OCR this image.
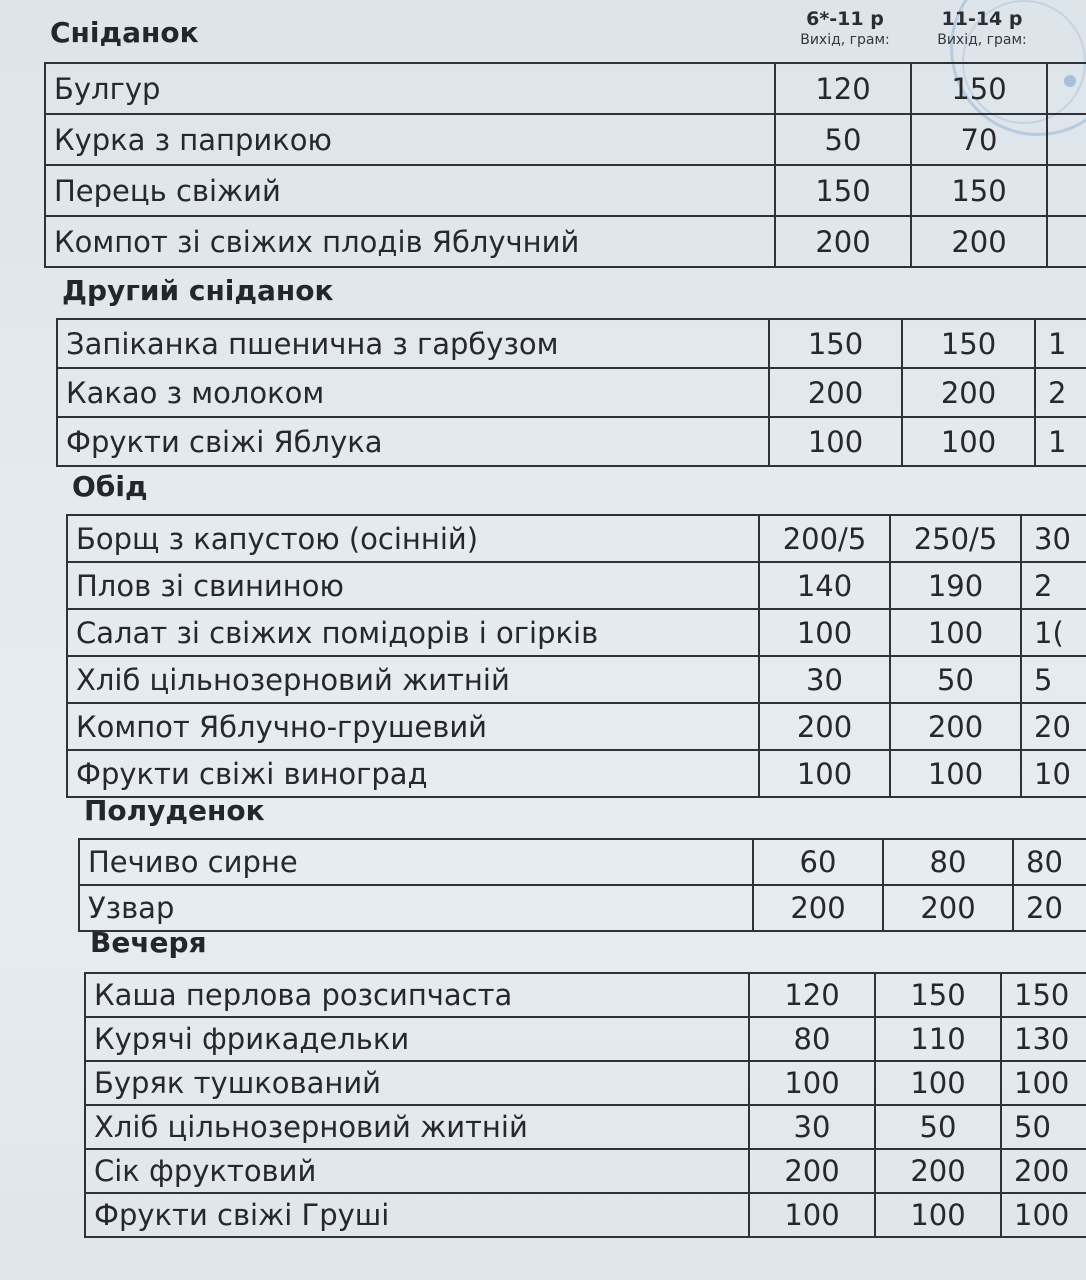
6*-11 р
Вихід, грам:
11-14 р
Вихід, грам:
Сніданок
Булгур	120	150	
Курка з паприкою	50	70	
Перець свіжий	150	150	
Компот зі свіжих плодів Яблучний	200	200	
Другий сніданок
Запіканка пшенична з гарбузом	150	150	1
Какао з молоком	200	200	2
Фрукти свіжі Яблука	100	100	1
Обід
Борщ з капустою (осінній)	200/5	250/5	30
Плов зі свининою	140	190	2
Салат зі свіжих помідорів і огірків	100	100	1(
Хліб цільнозерновий житній	30	50	5
Компот Яблучно-грушевий	200	200	20
Фрукти свіжі виноград	100	100	10
Полуденок
Печиво сирне	60	80	80
Узвар	200	200	20
Вечеря
Каша перлова розсипчаста	120	150	150
Курячі фрикадельки	80	110	130
Буряк тушкований	100	100	100
Хліб цільнозерновий житній	30	50	50
Сік фруктовий	200	200	200
Фрукти свіжі Груші	100	100	100
